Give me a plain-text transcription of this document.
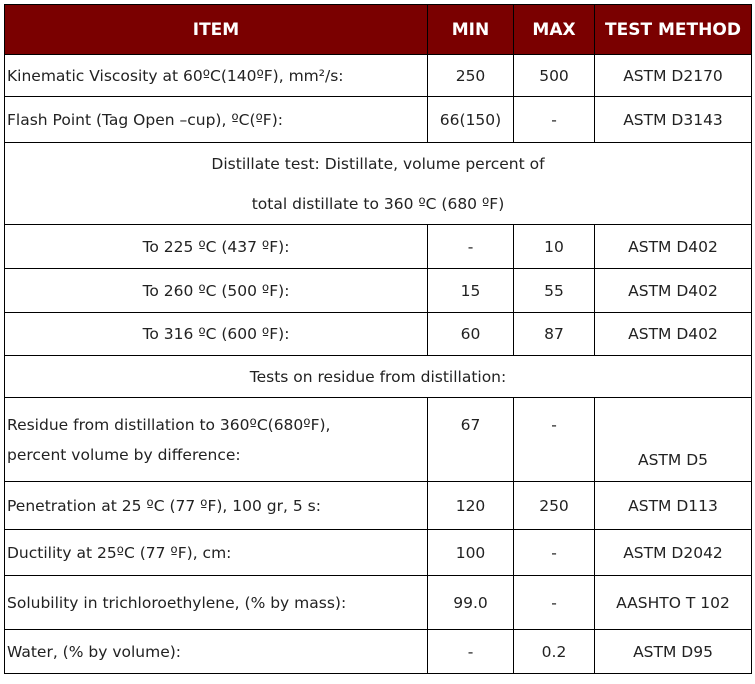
ITEM	MIN	MAX	TEST METHOD
Kinematic Viscosity at 60ºC(140ºF), mm²/s:	250	500	ASTM D2170
Flash Point (Tag Open –cup), ºC(ºF):	66(150)	-	ASTM D3143

Distillate test: Distillate, volume percent of
total distillate to 360 ºC (680 ºF)			

To 225 ºC (437 ºF):	-	10	ASTM D402
To 260 ºC (500 ºF):	15	55	ASTM D402
To 316 ºC (600 ºF):	60	87	ASTM D402
Tests on residue from distillation:			

Residue from distillation to 360ºC(680ºF),
percent volume by difference:	67	-	ASTM D5
Penetration at 25 ºC (77 ºF), 100 gr, 5 s:	120	250	ASTM D113
Ductility at 25ºC (77 ºF), cm:	100	-	ASTM D2042
Solubility in trichloroethylene, (% by mass):	99.0	-	AASHTO T 102
Water, (% by volume):	-	0.2	ASTM D95
